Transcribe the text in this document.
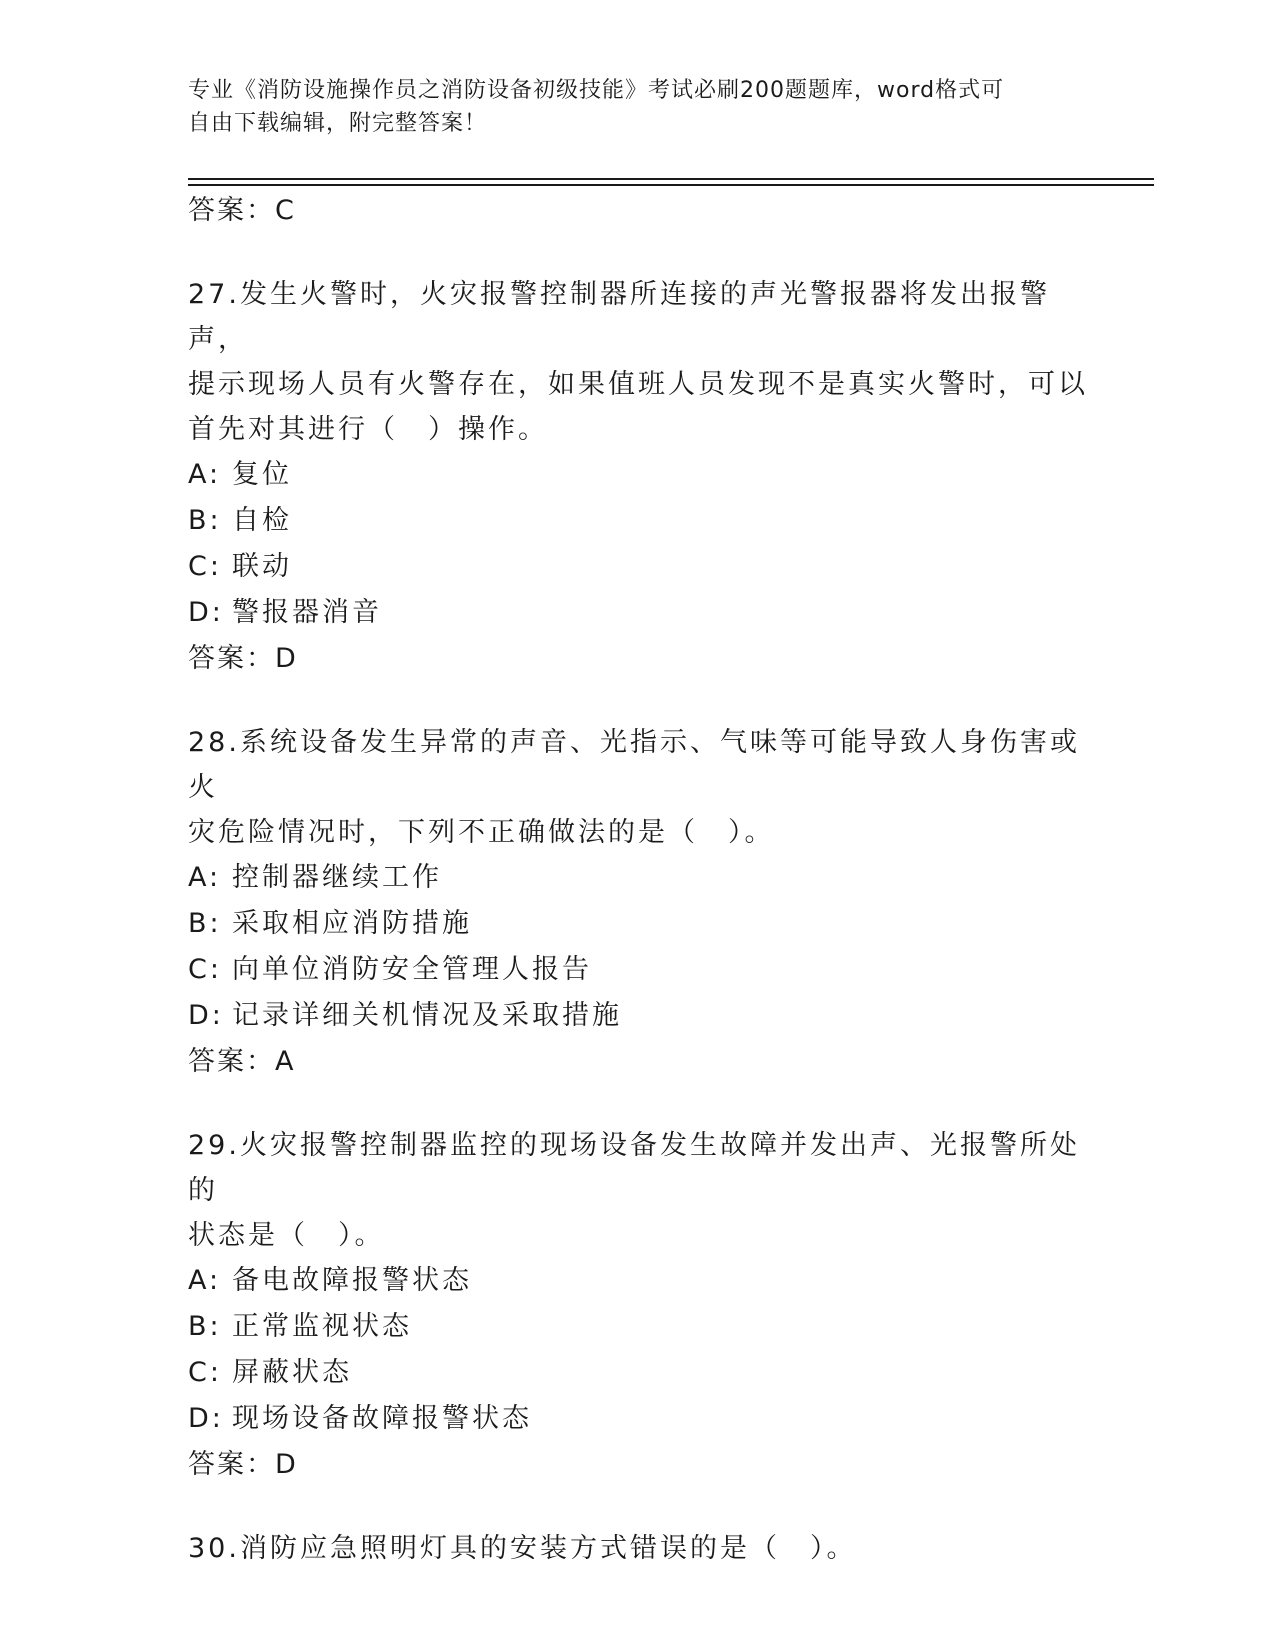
专业《消防设施操作员之消防设备初级技能》考试必刷200题题库，word格式可
自由下载编辑，附完整答案！
答案：C
27.发生火警时，火灾报警控制器所连接的声光警报器将发出报警声，
提示现场人员有火警存在，如果值班人员发现不是真实火警时，可以
首先对其进行（　）操作。
A: 复位
B: 自检
C: 联动
D: 警报器消音
答案：D
28.系统设备发生异常的声音、光指示、气味等可能导致人身伤害或火
灾危险情况时，下列不正确做法的是（　）。
A: 控制器继续工作
B: 采取相应消防措施
C: 向单位消防安全管理人报告
D: 记录详细关机情况及采取措施
答案：A
29.火灾报警控制器监控的现场设备发生故障并发出声、光报警所处的
状态是（　）。
A: 备电故障报警状态
B: 正常监视状态
C: 屏蔽状态
D: 现场设备故障报警状态
答案：D
30.消防应急照明灯具的安装方式错误的是（　）。
